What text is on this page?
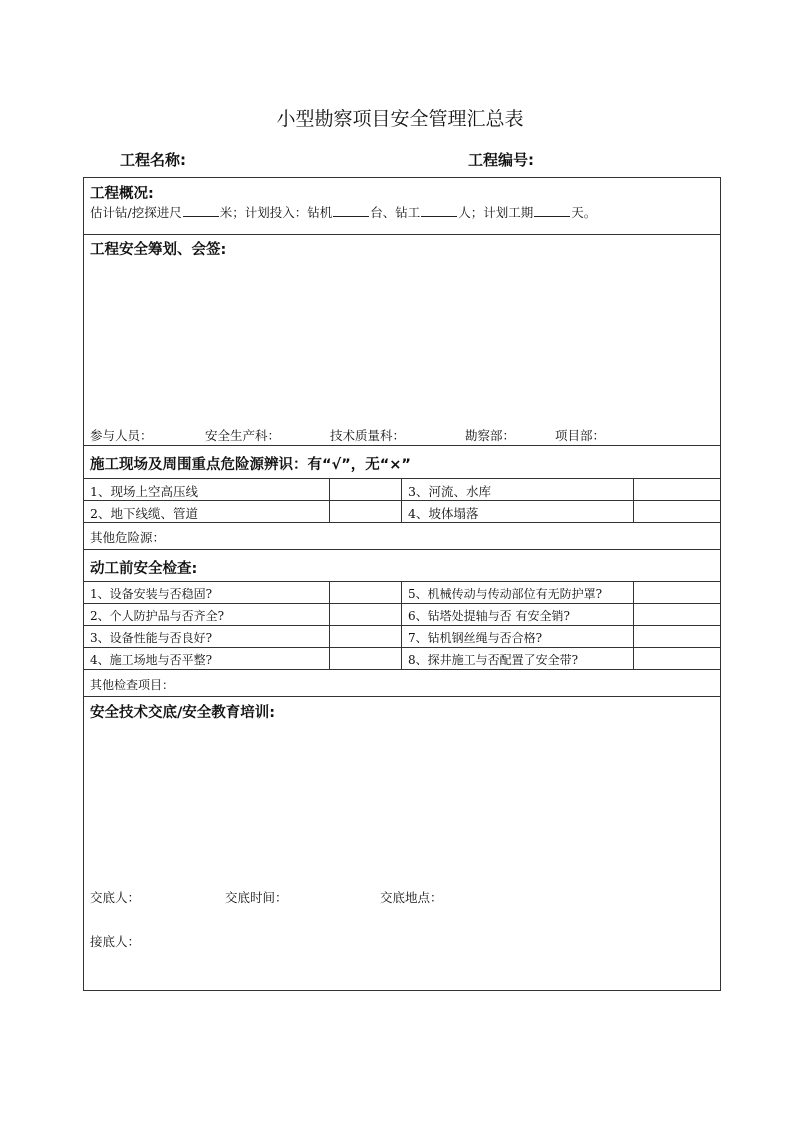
小型勘察项目安全管理汇总表
工程名称:	工程编号:
工程概况:
估计钻/挖探进尺	米；计划投入：钻机	台、钻工	人；计划工期	天。
工程安全筹划、会签:
参与人员：	安全生产科：	技术质量科：	勘察部：	项目部：
施工现场及周围重点危险源辨识：有“√”，无“×”
1、现场上空高压线	3、河流、水库
2、地下线缆、管道	4、坡体塌落
其他危险源：
动工前安全检查:
1、设备安装与否稳固?	5、机械传动与传动部位有无防护罩?
2、个人防护品与否齐全?	6、钻塔处提轴与否 有安全销?
3、设备性能与否良好?	7、钻机钢丝绳与否合格?
4、施工场地与否平整?	8、探井施工与否配置了安全带?
其他检查项目：
安全技术交底/安全教育培训:
交底人：	交底时间：	交底地点：
接底人：
